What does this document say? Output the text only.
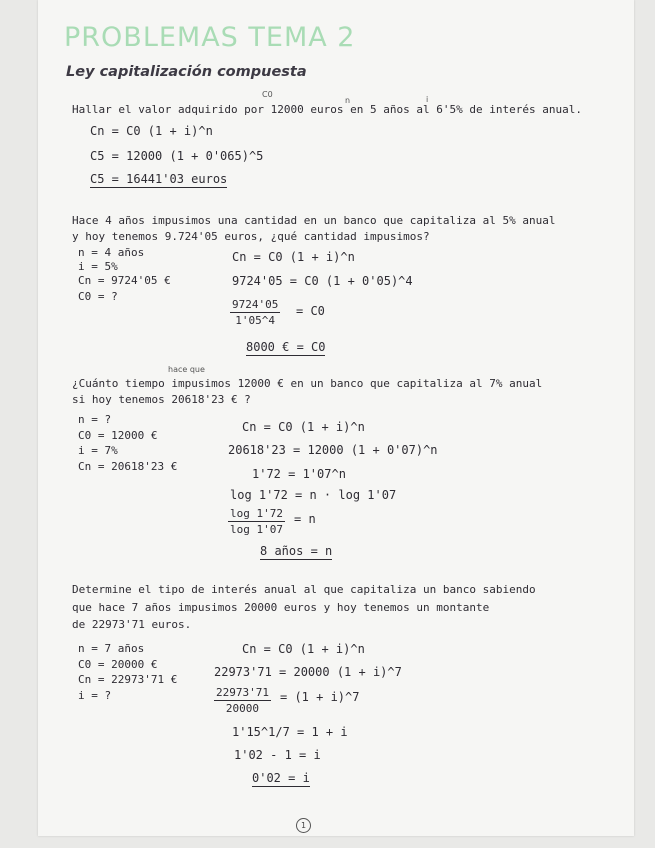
PROBLEMAS TEMA 2
Ley capitalización compuesta
C0
n	i
Hallar el valor adquirido por 12000 euros en 5 años al 6'5% de interés anual.
Cn = C0 (1 + i)^n
C5 = 12000 (1 + 0'065)^5
C5 = 16441'03 euros
Hace 4 años impusimos una cantidad en un banco que capitaliza al 5% anual
y hoy tenemos 9.724'05 euros, ¿qué cantidad impusimos?
n = 4 años
i = 5%
Cn = 9724'05 €
C0 = ?
Cn = C0 (1 + i)^n
9724'05 = C0 (1 + 0'05)^4
$\frac{9724'05}{1'05\^{}4} = C0$
8000 € = C0
hace que
¿Cuánto tiempo impusimos 12000 € en un banco que capitaliza al 7% anual
si hoy tenemos 20618'23 € ?
n = ?
C0 = 12000 €
i = 7%
Cn = 20618'23 €
Cn = C0 (1 + i)^n
20618'23 = 12000 (1 + 0'07)^n
1'72 = 1'07^n
log 1'72 = n · log 1'07
$\frac{\log 1'72}{\log 1'07} = n$
8 años = n
Determine el tipo de interés anual al que capitaliza un banco sabiendo
que hace 7 años impusimos 20000 euros y hoy tenemos un montante
de 22973'71 euros.
n = 7 años
C0 = 20000 €
Cn = 22973'71 €
i = ?
Cn = C0 (1 + i)^n
22973'71 = 20000 (1 + i)^7
$\frac{22973'71}{20000} = (1$ + i)^7
1'15^1/7 = 1 + i
1'02 - 1 = i
0'02 = i
1
